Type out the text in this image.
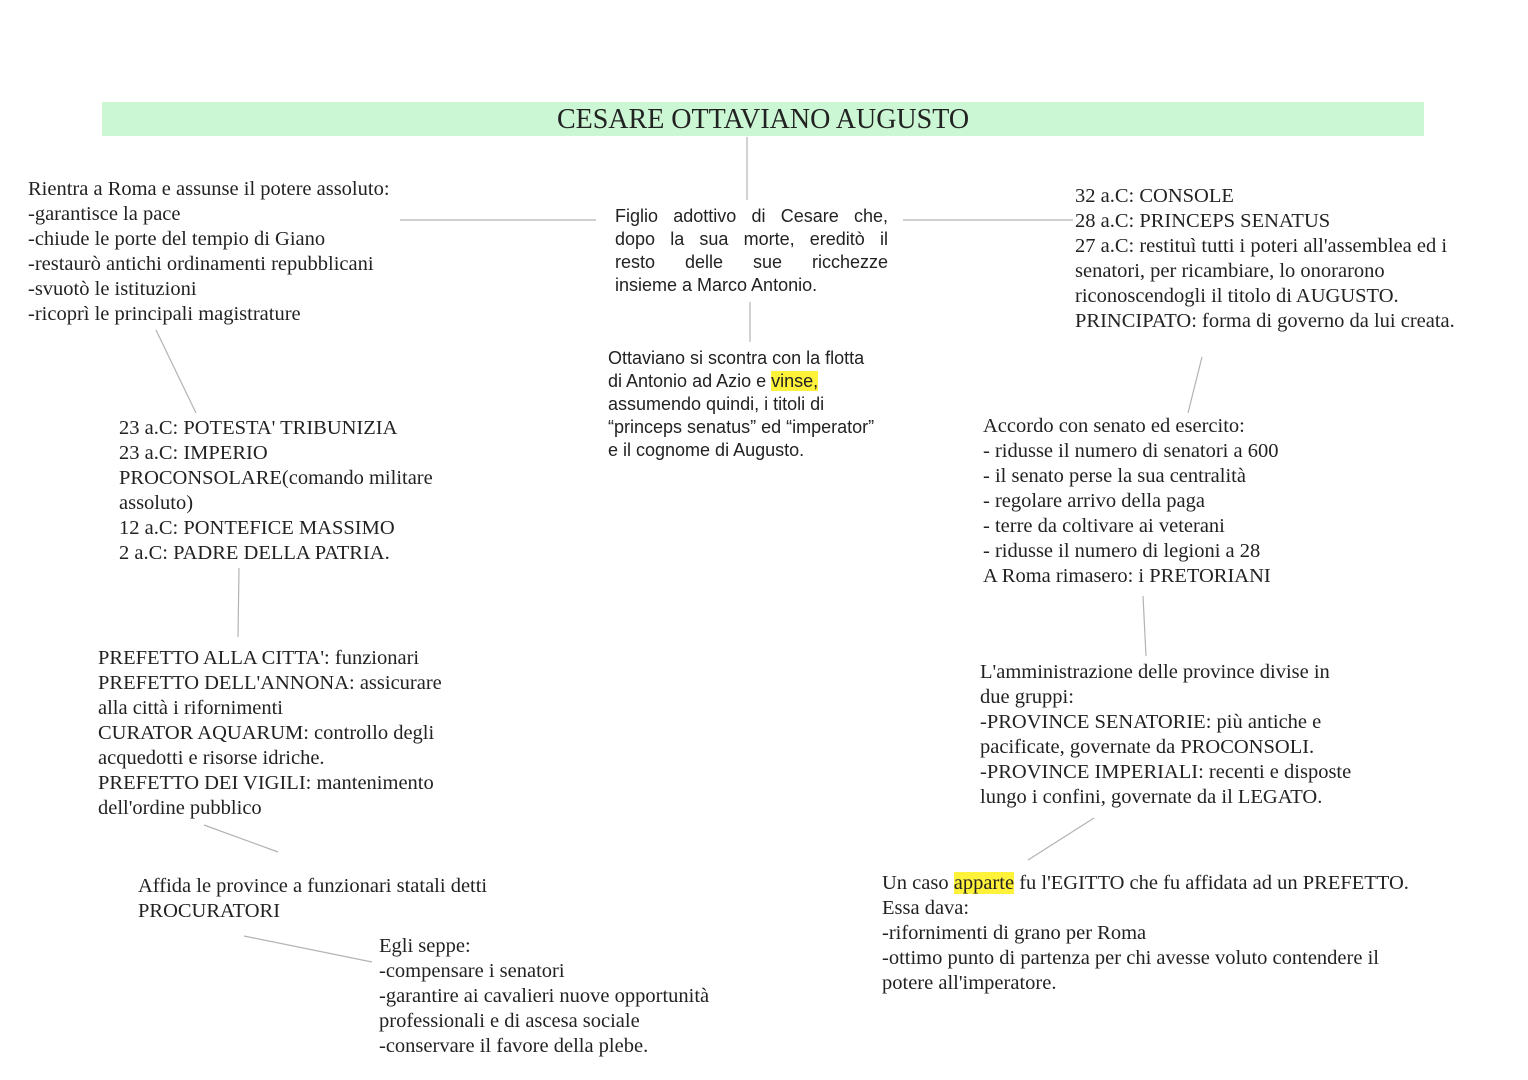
CESARE OTTAVIANO AUGUSTO
Figlio adottivo di Cesare che,
dopo la sua morte, ereditò il
resto delle sue ricchezze
insieme a Marco Antonio.
Ottaviano si scontra con la flotta
di Antonio ad Azio e vinse,
assumendo quindi, i titoli di
“princeps senatus” ed “imperator”
e il cognome di Augusto.
Rientra a Roma e assunse il potere assoluto:
-garantisce la pace
-chiude le porte del tempio di Giano
-restaurò antichi ordinamenti repubblicani
-svuotò le istituzioni
-ricoprì le principali magistrature
23 a.C: POTESTA' TRIBUNIZIA
23 a.C: IMPERIO
PROCONSOLARE(comando militare
assoluto)
12 a.C: PONTEFICE MASSIMO
2 a.C: PADRE DELLA PATRIA.
PREFETTO ALLA CITTA': funzionari
PREFETTO DELL'ANNONA: assicurare
alla città i rifornimenti
CURATOR AQUARUM: controllo degli
acquedotti e risorse idriche.
PREFETTO DEI VIGILI: mantenimento
dell'ordine pubblico
Affida le province a funzionari statali detti
PROCURATORI
Egli seppe:
-compensare i senatori
-garantire ai cavalieri nuove opportunità
professionali e di ascesa sociale
-conservare il favore della plebe.
32 a.C: CONSOLE
28 a.C: PRINCEPS SENATUS
27 a.C: restituì tutti i poteri all'assemblea ed i
senatori, per ricambiare, lo onorarono
riconoscendogli il titolo di AUGUSTO.
PRINCIPATO: forma di governo da lui creata.
Accordo con senato ed esercito:
- ridusse il numero di senatori a 600
- il senato perse la sua centralità
- regolare arrivo della paga
- terre da coltivare ai veterani
- ridusse il numero di legioni a 28
A Roma rimasero: i PRETORIANI
L'amministrazione delle province divise in
due gruppi:
-PROVINCE SENATORIE: più antiche e
pacificate, governate da PROCONSOLI.
-PROVINCE IMPERIALI: recenti e disposte
lungo i confini, governate da il LEGATO.
Un caso apparte fu l'EGITTO che fu affidata ad un PREFETTO.
Essa dava:
-rifornimenti di grano per Roma
-ottimo punto di partenza per chi avesse voluto contendere il
potere all'imperatore.
